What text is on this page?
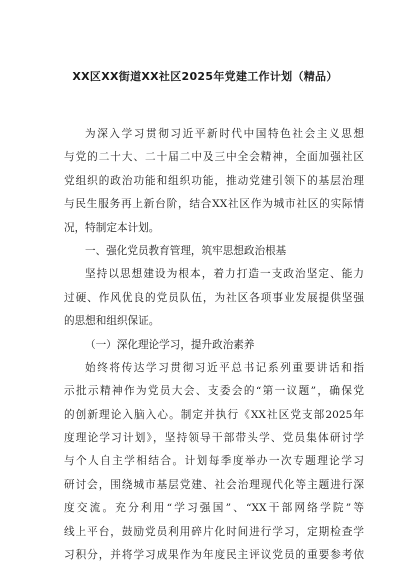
XX区XX街道XX社区2025年党建工作计划（精品）
为深入学习贯彻习近平新时代中国特色社会主义思想
与党的二十大、二十届二中及三中全会精神，全面加强社区
党组织的政治功能和组织功能，推动党建引领下的基层治理
与民生服务再上新台阶，结合XX社区作为城市社区的实际情
况，特制定本计划。
一、强化党员教育管理，筑牢思想政治根基
坚持以思想建设为根本，着力打造一支政治坚定、能力
过硬、作风优良的党员队伍，为社区各项事业发展提供坚强
的思想和组织保证。
（一）深化理论学习，提升政治素养
始终将传达学习贯彻习近平总书记系列重要讲话和指
示批示精神作为党员大会、支委会的“第一议题”，确保党
的创新理论入脑入心。制定并执行《XX社区党支部2025年
度理论学习计划》，坚持领导干部带头学、党员集体研讨学
与个人自主学相结合。计划每季度举办一次专题理论学习
研讨会，围绕城市基层党建、社会治理现代化等主题进行深
度交流。充分利用“学习强国”、“XX干部网络学院”等
线上平台，鼓励党员利用碎片化时间进行学习，定期检查学
习积分，并将学习成果作为年度民主评议党员的重要参考依
